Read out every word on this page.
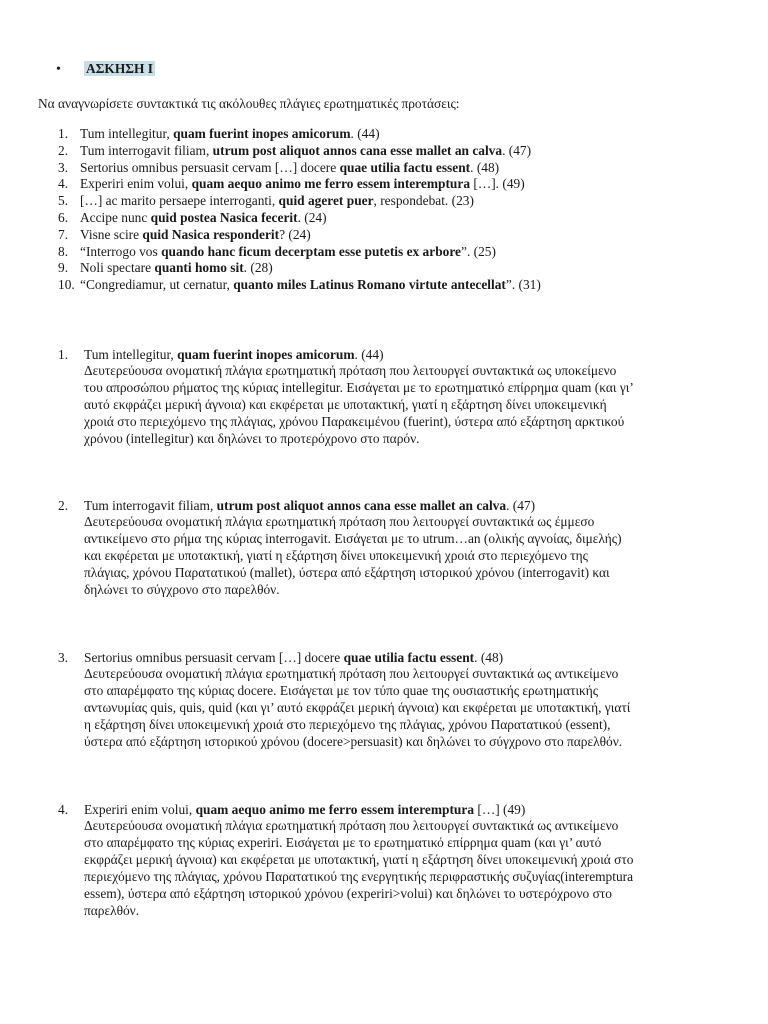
• ΑΣΚΗΣΗ Ι
Να αναγνωρίσετε συντακτικά τις ακόλουθες πλάγιες ερωτηματικές προτάσεις:
1. Tum intellegitur, quam fuerint inopes amicorum. (44)
2. Tum interrogavit filiam, utrum post aliquot annos cana esse mallet an calva. (47)
3. Sertorius omnibus persuasit cervam […] docere quae utilia factu essent. (48)
4. Experiri enim volui, quam aequo animo me ferro essem interemptura […]. (49)
5. […] ac marito persaepe interroganti, quid ageret puer, respondebat. (23)
6. Accipe nunc quid postea Nasica fecerit. (24)
7. Visne scire quid Nasica responderit? (24)
8. “Interrogo vos quando hanc ficum decerptam esse putetis ex arbore”. (25)
9. Noli spectare quanti homo sit. (28)
10. “Congrediamur, ut cernatur, quanto miles Latinus Romano virtute antecellat”. (31)
1.	Tum intellegitur, quam fuerint inopes amicorum. (44)
Δευτερεύουσα ονοματική πλάγια ερωτηματική πρόταση που λειτουργεί συντακτικά ως υποκείμενο
του απροσώπου ρήματος της κύριας intellegitur. Εισάγεται με το ερωτηματικό επίρρημα quam (και γι’
αυτό εκφράζει μερική άγνοια) και εκφέρεται με υποτακτική, γιατί η εξάρτηση δίνει υποκειμενική
χροιά στο περιεχόμενο της πλάγιας, χρόνου Παρακειμένου (fuerint), ύστερα από εξάρτηση αρκτικού
χρόνου (intellegitur) και δηλώνει το προτερόχρονο στο παρόν.
2.	Tum interrogavit filiam, utrum post aliquot annos cana esse mallet an calva. (47)
Δευτερεύουσα ονοματική πλάγια ερωτηματική πρόταση που λειτουργεί συντακτικά ως έμμεσο
αντικείμενο στο ρήμα της κύριας interrogavit. Εισάγεται με το utrum…an (ολικής αγνοίας, διμελής)
και εκφέρεται με υποτακτική, γιατί η εξάρτηση δίνει υποκειμενική χροιά στο περιεχόμενο της
πλάγιας, χρόνου Παρατατικού (mallet), ύστερα από εξάρτηση ιστορικού χρόνου (interrogavit) και
δηλώνει το σύγχρονο στο παρελθόν.
3.	Sertorius omnibus persuasit cervam […] docere quae utilia factu essent. (48)
Δευτερεύουσα ονοματική πλάγια ερωτηματική πρόταση που λειτουργεί συντακτικά ως αντικείμενο
στο απαρέμφατο της κύριας docere. Εισάγεται με τον τύπο quae της ουσιαστικής ερωτηματικής
αντωνυμίας quis, quis, quid (και γι’ αυτό εκφράζει μερική άγνοια) και εκφέρεται με υποτακτική, γιατί
η εξάρτηση δίνει υποκειμενική χροιά στο περιεχόμενο της πλάγιας, χρόνου Παρατατικού (essent),
ύστερα από εξάρτηση ιστορικού χρόνου (docere>persuasit) και δηλώνει το σύγχρονο στο παρελθόν.
4.	Experiri enim volui, quam aequo animo me ferro essem interemptura […] (49)
Δευτερεύουσα ονοματική πλάγια ερωτηματική πρόταση που λειτουργεί συντακτικά ως αντικείμενο
στο απαρέμφατο της κύριας experiri. Εισάγεται με το ερωτηματικό επίρρημα quam (και γι’ αυτό
εκφράζει μερική άγνοια) και εκφέρεται με υποτακτική, γιατί η εξάρτηση δίνει υποκειμενική χροιά στο
περιεχόμενο της πλάγιας, χρόνου Παρατατικού της ενεργητικής περιφραστικής συζυγίας(interemptura
essem), ύστερα από εξάρτηση ιστορικού χρόνου (experiri>volui) και δηλώνει το υστερόχρονο στο
παρελθόν.
